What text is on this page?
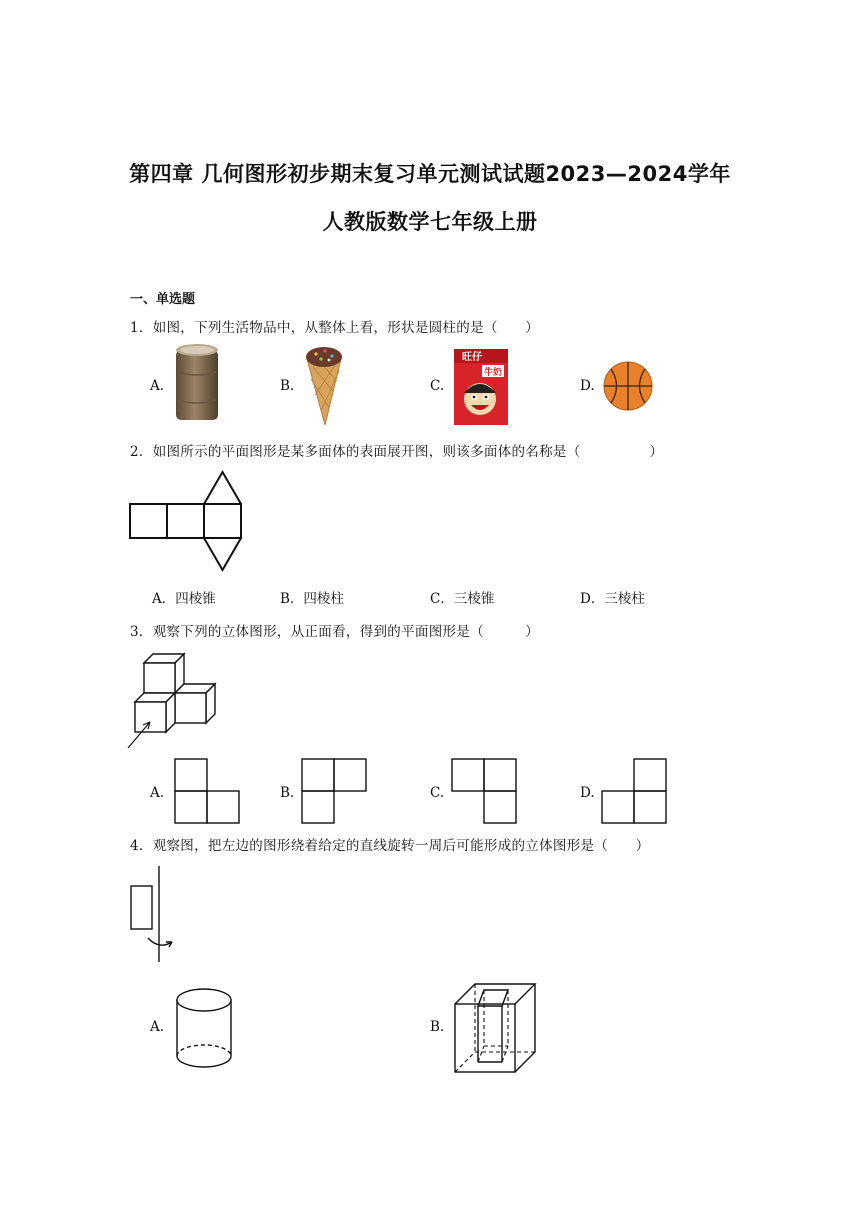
第四章 几何图形初步期末复习单元测试试题2023—2024学年
人教版数学七年级上册
一、单选题
1．如图，下列生活物品中，从整体上看，形状是圆柱的是（　　）
A.	B.	C.
旺仔
牛奶
D.
2．如图所示的平面图形是某多面体的表面展开图，则该多面体的名称是（　　　　　）
A．四棱锥	B．四棱柱	C．三棱锥	D．三棱柱
3．观察下列的立体图形，从正面看，得到的平面图形是（　　　）
A.	B.	C.	D.
4．观察图，把左边的图形绕着给定的直线旋转一周后可能形成的立体图形是（　　）
A.	B.
